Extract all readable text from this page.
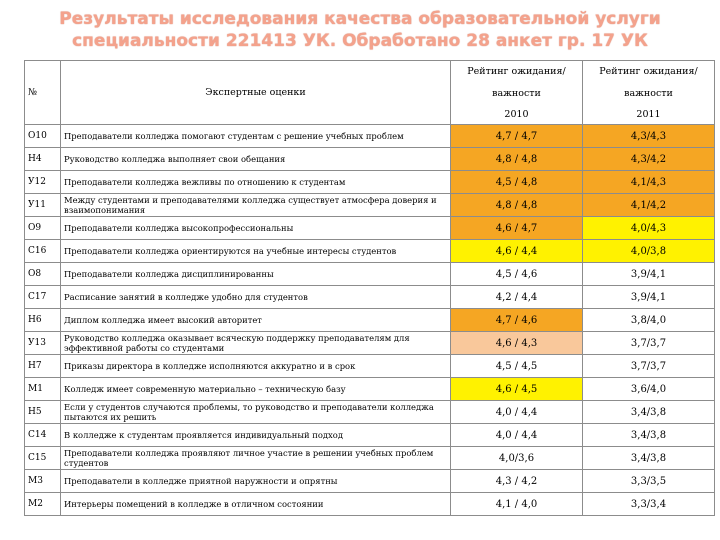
Результаты исследования качества образовательной услуги
специальности 221413 УК. Обработано 28 анкет гр. 17 УК
№	Экспертные оценки	Рейтинг ожидания/	Рейтинг ожидания/
		важности	важности
		2010	2011
O10	Преподаватели колледжа помогают студентам с решение учебных проблем	4,7 / 4,7	4,3/4,3
H4	Руководство колледжа выполняет свои обещания	4,8 / 4,8	4,3/4,2
У12	Преподаватели колледжа вежливы по отношению к студентам	4,5 / 4,8	4,1/4,3
У11	Между студентами и преподавателями колледжа существует атмосфера доверия и взаимопонимания	4,8 / 4,8	4,1/4,2
O9	Преподаватели колледжа высокопрофессиональны	4,6 / 4,7	4,0/4,3
C16	Преподаватели колледжа ориентируются на учебные интересы студентов	4,6 / 4,4	4,0/3,8
O8	Преподаватели колледжа дисциплинированны	4,5 / 4,6	3,9/4,1
C17	Расписание занятий в колледже удобно для студентов	4,2 / 4,4	3,9/4,1
H6	Диплом колледжа имеет высокий авторитет	4,7 / 4,6	3,8/4,0
У13	Руководство колледжа оказывает всяческую поддержку преподавателям для эффективной работы со студентами	4,6 / 4,3	3,7/3,7
H7	Приказы директора в колледже исполняются аккуратно и в срок	4,5 / 4,5	3,7/3,7
M1	Колледж имеет современную материально – техническую базу	4,6 / 4,5	3,6/4,0
H5	Если у студентов случаются проблемы, то руководство и преподаватели колледжа пытаются их решить	4,0 / 4,4	3,4/3,8
C14	В колледже к студентам проявляется индивидуальный подход	4,0 / 4,4	3,4/3,8
C15	Преподаватели колледжа проявляют личное участие в решении учебных проблем студентов	4,0/3,6	3,4/3,8
M3	Преподаватели в колледже приятной наружности и опрятны	4,3 / 4,2	3,3/3,5
M2	Интерьеры помещений в колледже в отличном состоянии	4,1 / 4,0	3,3/3,4
